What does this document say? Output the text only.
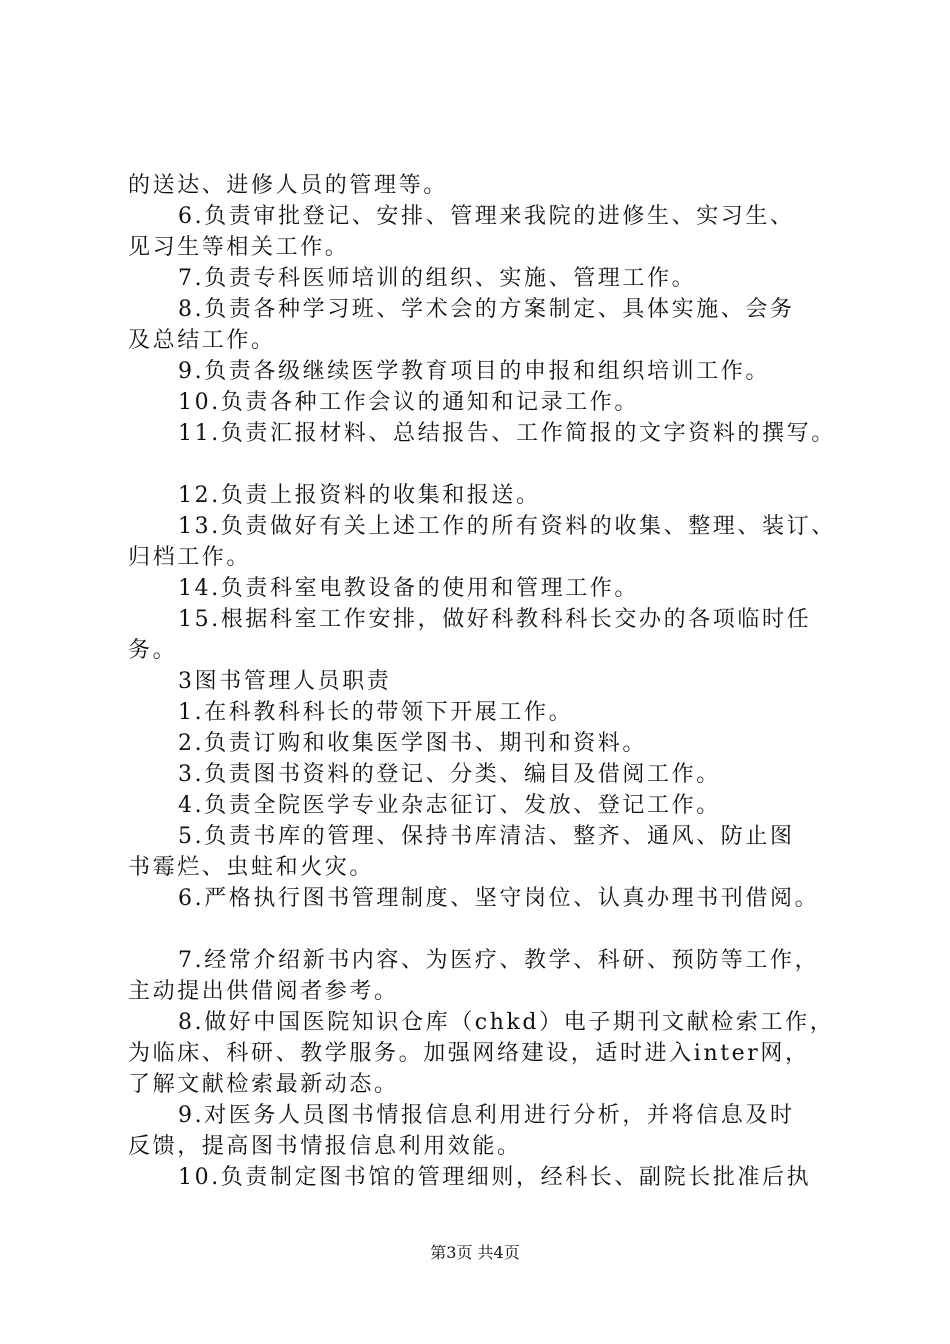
的送达、进修人员的管理等。

6.负责审批登记、安排、管理来我院的进修生、实习生、

见习生等相关工作。

7.负责专科医师培训的组织、实施、管理工作。

8.负责各种学习班、学术会的方案制定、具体实施、会务

及总结工作。

9.负责各级继续医学教育项目的申报和组织培训工作。

10.负责各种工作会议的通知和记录工作。

11.负责汇报材料、总结报告、工作简报的文字资料的撰写。

12.负责上报资料的收集和报送。

13.负责做好有关上述工作的所有资料的收集、整理、装订、

归档工作。

14.负责科室电教设备的使用和管理工作。

15.根据科室工作安排，做好科教科科长交办的各项临时任

务。

3图书管理人员职责

1.在科教科科长的带领下开展工作。

2.负责订购和收集医学图书、期刊和资料。

3.负责图书资料的登记、分类、编目及借阅工作。

4.负责全院医学专业杂志征订、发放、登记工作。

5.负责书库的管理、保持书库清洁、整齐、通风、防止图

书霉烂、虫蛀和火灾。

6.严格执行图书管理制度、坚守岗位、认真办理书刊借阅。

7.经常介绍新书内容、为医疗、教学、科研、预防等工作，

主动提出供借阅者参考。

8.做好中国医院知识仓库（chkd）电子期刊文献检索工作，

为临床、科研、教学服务。加强网络建设，适时进入inter网，

了解文献检索最新动态。

9.对医务人员图书情报信息利用进行分析，并将信息及时

反馈，提高图书情报信息利用效能。

10.负责制定图书馆的管理细则，经科长、副院长批准后执

第3页 共4页
